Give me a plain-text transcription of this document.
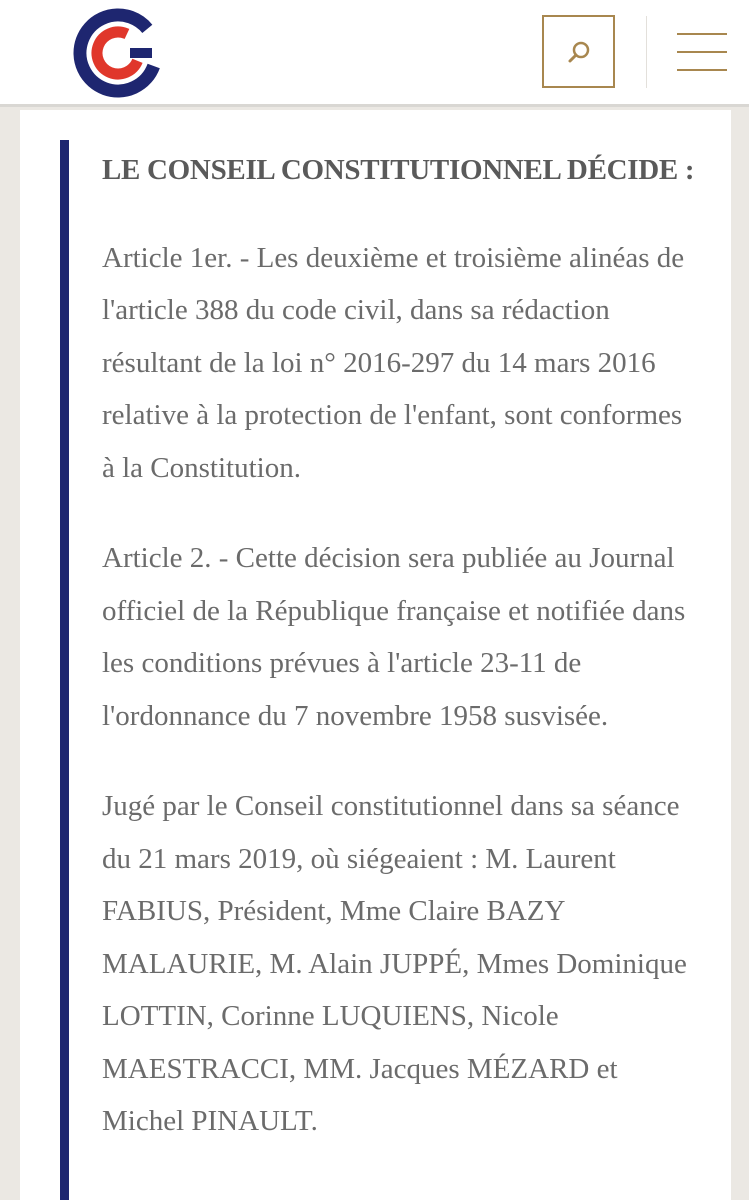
LE CONSEIL CONSTITUTIONNEL DÉCIDE :

Article 1er. - Les deuxième et troisième alinéas de l'article 388 du code civil, dans sa rédaction résultant de la loi n° 2016-297 du 14 mars 2016 relative à la protection de l'enfant, sont conformes à la Constitution.

Article 2. - Cette décision sera publiée au Journal officiel de la République française et notifiée dans les conditions prévues à l'article 23-11 de l'ordonnance du 7 novembre 1958 susvisée.

Jugé par le Conseil constitutionnel dans sa séance du 21 mars 2019, où siégeaient : M. Laurent FABIUS, Président, Mme Claire BAZY MALAURIE, M. Alain JUPPÉ, Mmes Dominique LOTTIN, Corinne LUQUIENS, Nicole MAESTRACCI, MM. Jacques MÉZARD et Michel PINAULT.
